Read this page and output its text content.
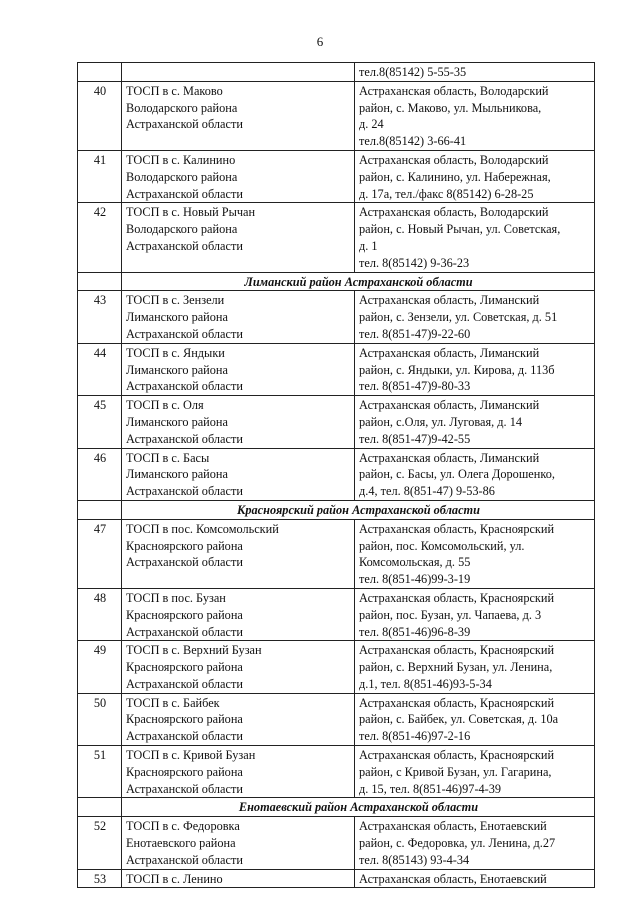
6

		тел.8(85142) 5-55-35

40	ТОСП в с. Маково
Володарского района
Астраханской области	Астраханская область, Володарский
район, с. Маково, ул. Мыльникова,
д. 24
тел.8(85142) 3-66-41

41	ТОСП в с. Калинино
Володарского района
Астраханской области	Астраханская область, Володарский
район, с. Калинино, ул. Набережная,
д. 17а, тел./факс 8(85142) 6-28-25

42	ТОСП в с. Новый Рычан
Володарского района
Астраханской области	Астраханская область, Володарский
район, с. Новый Рычан, ул. Советская,
д. 1
тел. 8(85142) 9-36-23

	Лиманский район Астраханской области	
43	ТОСП в с. Зензели
Лиманского района
Астраханской области	Астраханская область, Лиманский
район, с. Зензели, ул. Советская, д. 51
тел. 8(851-47)9-22-60

44	ТОСП в с. Яндыки
Лиманского района
Астраханской области	Астраханская область, Лиманский
район, с. Яндыки, ул. Кирова, д. 113б
тел. 8(851-47)9-80-33

45	ТОСП в с. Оля
Лиманского района
Астраханской области	Астраханская область, Лиманский
район, с.Оля, ул. Луговая, д. 14
тел. 8(851-47)9-42-55

46	ТОСП в с. Басы
Лиманского района
Астраханской области	Астраханская область, Лиманский
район, с. Басы, ул. Олега Дорошенко,
д.4, тел. 8(851-47) 9-53-86

	Красноярский район Астраханской области	
47	ТОСП в пос. Комсомольский
Красноярского района
Астраханской области	Астраханская область, Красноярский
район, пос. Комсомольский, ул.
Комсомольская, д. 55
тел. 8(851-46)99-3-19

48	ТОСП в пос. Бузан
Красноярского района
Астраханской области	Астраханская область, Красноярский
район, пос. Бузан, ул. Чапаева, д. 3
тел. 8(851-46)96-8-39

49	ТОСП в с. Верхний Бузан
Красноярского района
Астраханской области	Астраханская область, Красноярский
район, с. Верхний Бузан, ул. Ленина,
д.1, тел. 8(851-46)93-5-34

50	ТОСП в с. Байбек
Красноярского района
Астраханской области	Астраханская область, Красноярский
район, с. Байбек, ул. Советская, д. 10а
тел. 8(851-46)97-2-16

51	ТОСП в с. Кривой Бузан
Красноярского района
Астраханской области	Астраханская область, Красноярский
район, с Кривой Бузан, ул. Гагарина,
д. 15, тел. 8(851-46)97-4-39

	Енотаевский район Астраханской области	
52	ТОСП в с. Федоровка
Енотаевского района
Астраханской области	Астраханская область, Енотаевский
район, с. Федоровка, ул. Ленина, д.27
тел. 8(85143) 93-4-34

53	ТОСП в с. Ленино	Астраханская область, Енотаевский
